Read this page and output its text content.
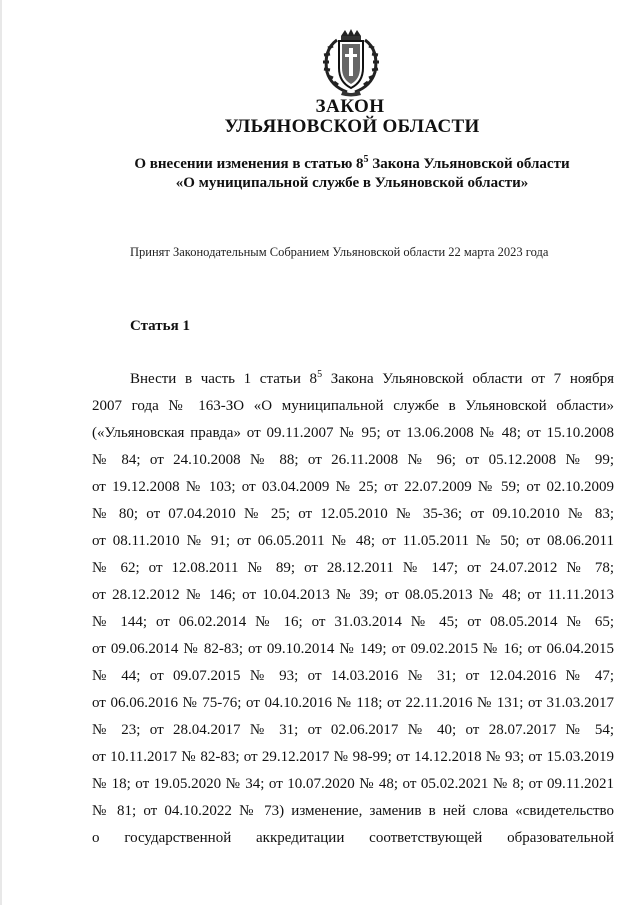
ЗАКОН
УЛЬЯНОВСКОЙ ОБЛАСТИ
О внесении изменения в статью $8^5$ Закона Ульяновской области
«О муниципальной службе в Ульяновской области»
Принят Законодательным Собранием Ульяновской области 22 марта 2023 года
Статья 1
Внести в часть 1 статьи $8^5$ Закона Ульяновской области от 7 ноября
2007 года № 163-ЗО «О муниципальной службе в Ульяновской области»
(«Ульяновская правда» от 09.11.2007 № 95; от 13.06.2008 № 48; от 15.10.2008
№ 84; от 24.10.2008 № 88; от 26.11.2008 № 96; от 05.12.2008 № 99;
от 19.12.2008 № 103; от 03.04.2009 № 25; от 22.07.2009 № 59; от 02.10.2009
№ 80; от 07.04.2010 № 25; от 12.05.2010 № 35-36; от 09.10.2010 № 83;
от 08.11.2010 № 91; от 06.05.2011 № 48; от 11.05.2011 № 50; от 08.06.2011
№ 62; от 12.08.2011 № 89; от 28.12.2011 № 147; от 24.07.2012 № 78;
от 28.12.2012 № 146; от 10.04.2013 № 39; от 08.05.2013 № 48; от 11.11.2013
№ 144; от 06.02.2014 № 16; от 31.03.2014 № 45; от 08.05.2014 № 65;
от 09.06.2014 № 82-83; от 09.10.2014 № 149; от 09.02.2015 № 16; от 06.04.2015
№ 44; от 09.07.2015 № 93; от 14.03.2016 № 31; от 12.04.2016 № 47;
от 06.06.2016 № 75-76; от 04.10.2016 № 118; от 22.11.2016 № 131; от 31.03.2017
№ 23; от 28.04.2017 № 31; от 02.06.2017 № 40; от 28.07.2017 № 54;
от 10.11.2017 № 82-83; от 29.12.2017 № 98-99; от 14.12.2018 № 93; от 15.03.2019
№ 18; от 19.05.2020 № 34; от 10.07.2020 № 48; от 05.02.2021 № 8; от 09.11.2021
№ 81; от 04.10.2022 № 73) изменение, заменив в ней слова «свидетельство
о государственной аккредитации соответствующей образовательной
